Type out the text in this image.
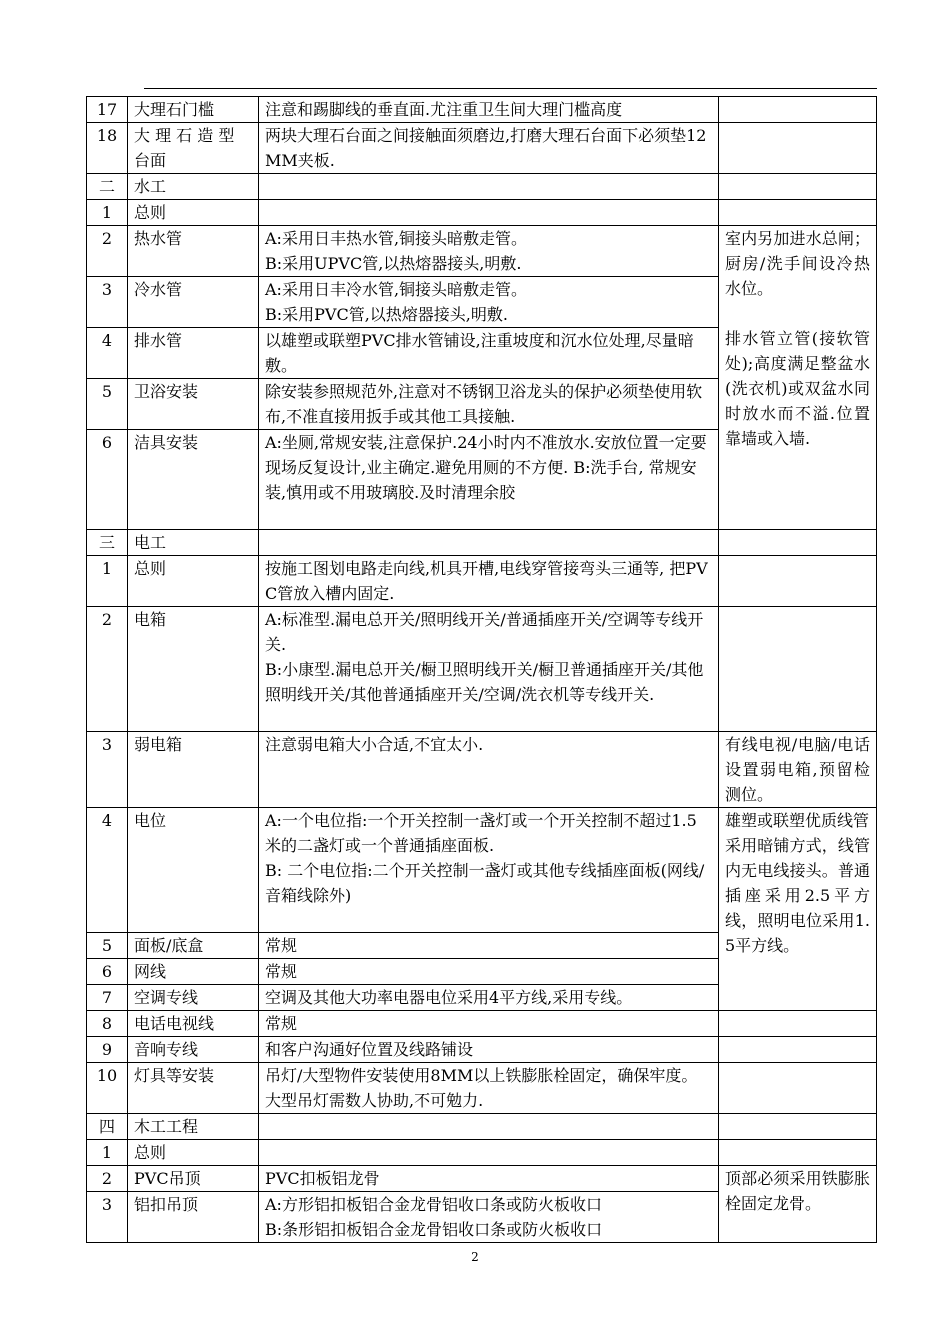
17	大理石门槛	注意和踢脚线的垂直面.尤注重卫生间大理门槛高度	
18	大 理 石 造 型 台面	两块大理石台面之间接触面须磨边,打磨大理石台面下必须垫12MM夹板.	
二	水工		
1	总则		
2	热水管	A:采用日丰热水管,铜接头暗敷走管。
B:采用UPVC管,以热熔器接头,明敷.	室内另加进水总闸；厨房/洗手间设冷热水位。

排水管立管(接软管处);高度满足整盆水(洗衣机)或双盆水同时放水而不溢.位置靠墙或入墙.
3	冷水管	A:采用日丰冷水管,铜接头暗敷走管。
B:采用PVC管,以热熔器接头,明敷.	
4	排水管	以雄塑或联塑PVC排水管铺设,注重坡度和沉水位处理,尽量暗敷。	
5	卫浴安装	除安装参照规范外,注意对不锈钢卫浴龙头的保护必须垫使用软布,不准直接用扳手或其他工具接触.	
6	洁具安装	A:坐厕,常规安装,注意保护.24小时内不准放水.安放位置一定要现场反复设计,业主确定.避免用厕的不方便. B:洗手台, 常规安装,慎用或不用玻璃胶.及时清理余胶	
三	电工		
1	总则	按施工图划电路走向线,机具开槽,电线穿管接弯头三通等, 把PVC管放入槽内固定.	
2	电箱	A:标准型.漏电总开关/照明线开关/普通插座开关/空调等专线开关.
B:小康型.漏电总开关/橱卫照明线开关/橱卫普通插座开关/其他照明线开关/其他普通插座开关/空调/洗衣机等专线开关.	
3	弱电箱	注意弱电箱大小合适,不宜太小.	有线电视/电脑/电话设置弱电箱,预留检测位。
4	电位	A:一个电位指:一个开关控制一盏灯或一个开关控制不超过1.5米的二盏灯或一个普通插座面板.
B: 二个电位指:二个开关控制一盏灯或其他专线插座面板(网线/音箱线除外)	雄塑或联塑优质线管
采用暗铺方式，线管内无电线接头。普通插座采用2.5平方线，照明电位采用1.5平方线。
5	面板/底盒	常规	
6	网线	常规	
7	空调专线	空调及其他大功率电器电位采用4平方线,采用专线。	
8	电话电视线	常规	
9	音响专线	和客户沟通好位置及线路铺设	
10	灯具等安装	吊灯/大型物件安装使用8MM以上铁膨胀栓固定，确保牢度。大型吊灯需数人协助,不可勉力.	
四	木工工程		
1	总则		
2	PVC吊顶	PVC扣板铝龙骨	顶部必须采用铁膨胀栓固定龙骨。
3	铝扣吊顶	A:方形铝扣板铝合金龙骨铝收口条或防火板收口
B:条形铝扣板铝合金龙骨铝收口条或防火板收口	
2
